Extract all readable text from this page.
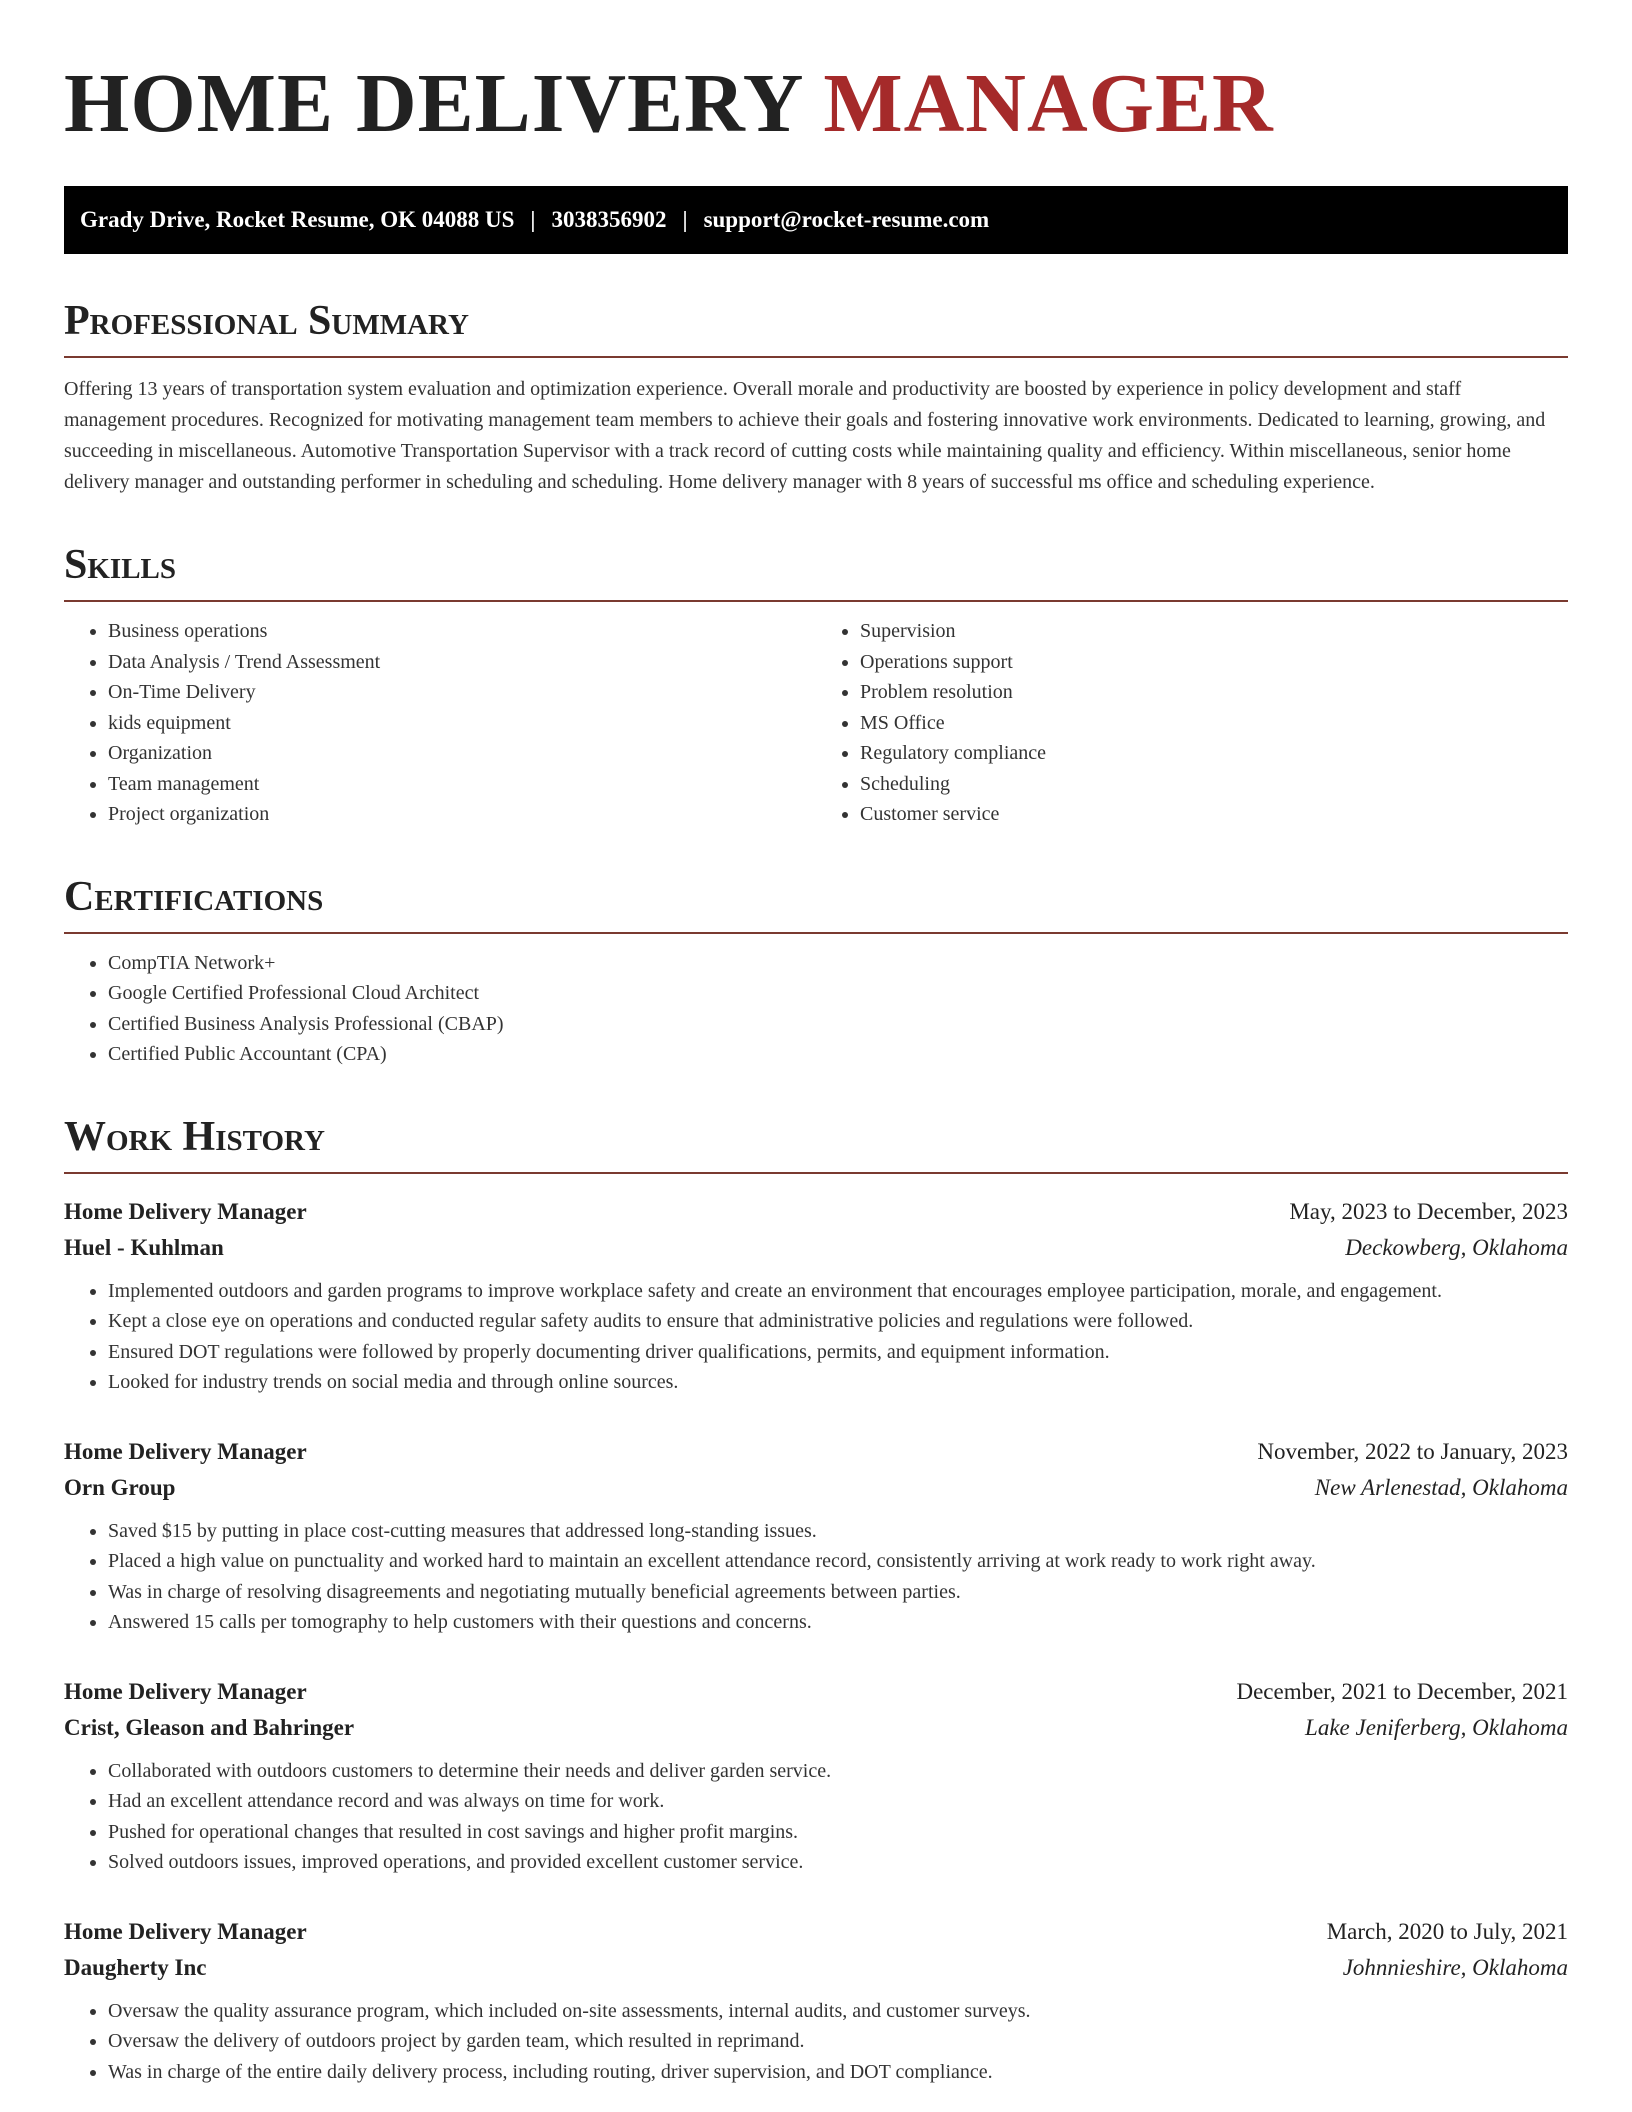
HOME DELIVERY MANAGER
Grady Drive, Rocket Resume, OK 04088 US | 3038356902 | support@rocket-resume.com
Professional Summary

Offering 13 years of transportation system evaluation and optimization experience. Overall morale and productivity are boosted by experience in policy development and staff management procedures. Recognized for motivating management team members to achieve their goals and fostering innovative work environments. Dedicated to learning, growing, and succeeding in miscellaneous. Automotive Transportation Supervisor with a track record of cutting costs while maintaining quality and efficiency. Within miscellaneous, senior home delivery manager and outstanding performer in scheduling and scheduling. Home delivery manager with 8 years of successful ms office and scheduling experience.

Skills
• Business operations
• Data Analysis / Trend Assessment
• On-Time Delivery
• kids equipment
• Organization
• Team management
• Project organization
• Supervision
• Operations support
• Problem resolution
• MS Office
• Regulatory compliance
• Scheduling
• Customer service
Certifications
• CompTIA Network+
• Google Certified Professional Cloud Architect
• Certified Business Analysis Professional (CBAP)
• Certified Public Accountant (CPA)
Work History
Home Delivery Manager	May, 2023 to December, 2023
Huel - Kuhlman	Deckowberg, Oklahoma
• Implemented outdoors and garden programs to improve workplace safety and create an environment that encourages employee participation, morale, and engagement.
• Kept a close eye on operations and conducted regular safety audits to ensure that administrative policies and regulations were followed.
• Ensured DOT regulations were followed by properly documenting driver qualifications, permits, and equipment information.
• Looked for industry trends on social media and through online sources.
Home Delivery Manager	November, 2022 to January, 2023
Orn Group	New Arlenestad, Oklahoma
• Saved $15 by putting in place cost-cutting measures that addressed long-standing issues.
• Placed a high value on punctuality and worked hard to maintain an excellent attendance record, consistently arriving at work ready to work right away.
• Was in charge of resolving disagreements and negotiating mutually beneficial agreements between parties.
• Answered 15 calls per tomography to help customers with their questions and concerns.
Home Delivery Manager	December, 2021 to December, 2021
Crist, Gleason and Bahringer	Lake Jeniferberg, Oklahoma
• Collaborated with outdoors customers to determine their needs and deliver garden service.
• Had an excellent attendance record and was always on time for work.
• Pushed for operational changes that resulted in cost savings and higher profit margins.
• Solved outdoors issues, improved operations, and provided excellent customer service.
Home Delivery Manager	March, 2020 to July, 2021
Daugherty Inc	Johnnieshire, Oklahoma
• Oversaw the quality assurance program, which included on-site assessments, internal audits, and customer surveys.
• Oversaw the delivery of outdoors project by garden team, which resulted in reprimand.
• Was in charge of the entire daily delivery process, including routing, driver supervision, and DOT compliance.
